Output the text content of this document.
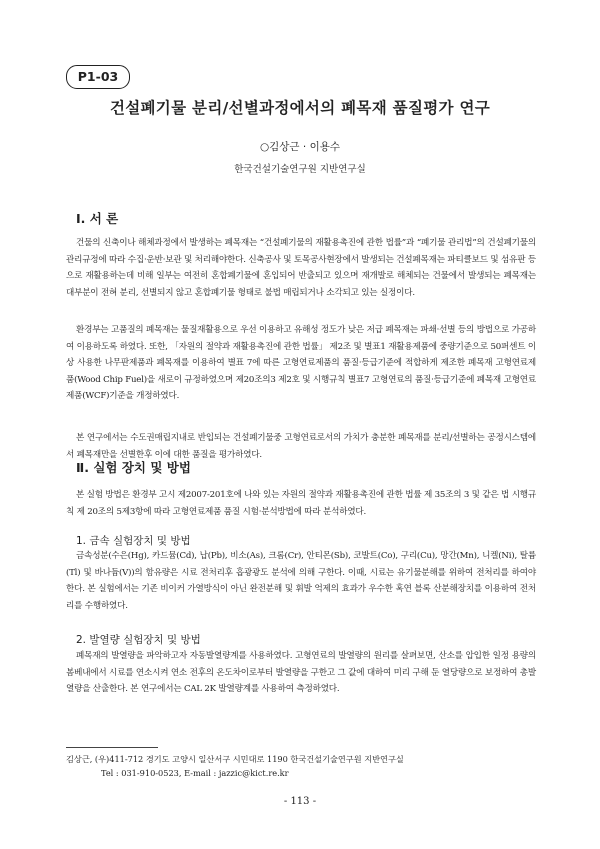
P1-03
건설폐기물 분리/선별과정에서의 폐목재 품질평가 연구
○김상근 · 이용수
한국건설기술연구원 지반연구실
Ⅰ. 서 론

건물의 신축이나 해체과정에서 발생하는 폐목재는 “건설폐기물의 재활용촉진에 관한 법률”과 “폐기물 관리법”의 건설폐기물의 관리규정에 따라 수집·운반·보관 및 처리해야한다. 신축공사 및 토목공사현장에서 발생되는 건설폐목재는 파티클보드 및 섬유판 등으로 재활용하는데 비해 일부는 여전히 혼합폐기물에 혼입되어 반출되고 있으며 재개발로 해체되는 건물에서 발생되는 폐목재는 대부분이 전혀 분리, 선별되지 않고 혼합폐기물 형태로 불법 매립되거나 소각되고 있는 실정이다.

환경부는 고품질의 폐목재는 물질재활용으로 우선 이용하고 유해성 정도가 낮은 저급 폐목재는 파쇄·선별 등의 방법으로 가공하여 이용하도록 하였다. 또한, 「자원의 절약과 재활용촉진에 관한 법률」 제2조 및 별표1 재활용제품에 중량기준으로 50퍼센트 이상 사용한 나무판제품과 폐목재를 이용하여 별표 7에 따른 고형연료제품의 품질·등급기준에 적합하게 제조한 폐목재 고형연료제품(Wood Chip Fuel)을 새로이 규정하였으며 제20조의3 제2호 및 시행규칙 별표7 고형연료의 품질·등급기준에 폐목재 고형연료제품(WCF)기준을 개정하였다.

본 연구에서는 수도권매립지내로 반입되는 건설폐기물중 고형연료로서의 가치가 충분한 폐목재를 분리/선별하는 공정시스템에서 폐목재만을 선별한후 이에 대한 품질을 평가하였다.

Ⅱ. 실험 장치 및 방법

본 실험 방법은 환경부 고시 제2007-201호에 나와 있는 자원의 절약과 재활용촉진에 관한 법률 제 35조의 3 및 같은 법 시행규칙 제 20조의 5제3항에 따라 고형연료제품 품질 시험·분석방법에 따라 분석하였다.

1. 금속 실험장치 및 방법

금속성분(수은(Hg), 카드뮴(Cd), 납(Pb), 비소(As), 크롬(Cr), 안티몬(Sb), 코발트(Co), 구리(Cu), 망간(Mn), 니켈(Ni), 탈륨(Tl) 및 바나듐(V))의 함유량은 시료 전처리후 흡광광도 분석에 의해 구한다. 이때, 시료는 유기물분해를 위하여 전처리를 하여야 한다. 본 실험에서는 기존 비이커 가열방식이 아닌 완전분해 및 휘발 억제의 효과가 우수한 혹연 블록 산분해장치를 이용하여 전처리를 수행하였다.

2. 발열량 실험장치 및 방법

폐목재의 발열량을 파악하고자 자동발열량계를 사용하였다. 고형연료의 발열량의 원리를 살펴보면, 산소를 압입한 일정 용량의 봄베내에서 시료를 연소시켜 연소 전후의 온도차이로부터 발열량을 구한고 그 값에 대하여 미리 구해 둔 열당량으로 보정하여 총발열량을 산출한다. 본 연구에서는 CAL 2K 발열량계를 사용하여 측정하였다.

김상근, (우)411-712 경기도 고양시 일산서구 시민대로 1190 한국건설기술연구원 지반연구실
Tel : 031-910-0523, E-mail : jazzic@kict.re.kr
- 113 -
